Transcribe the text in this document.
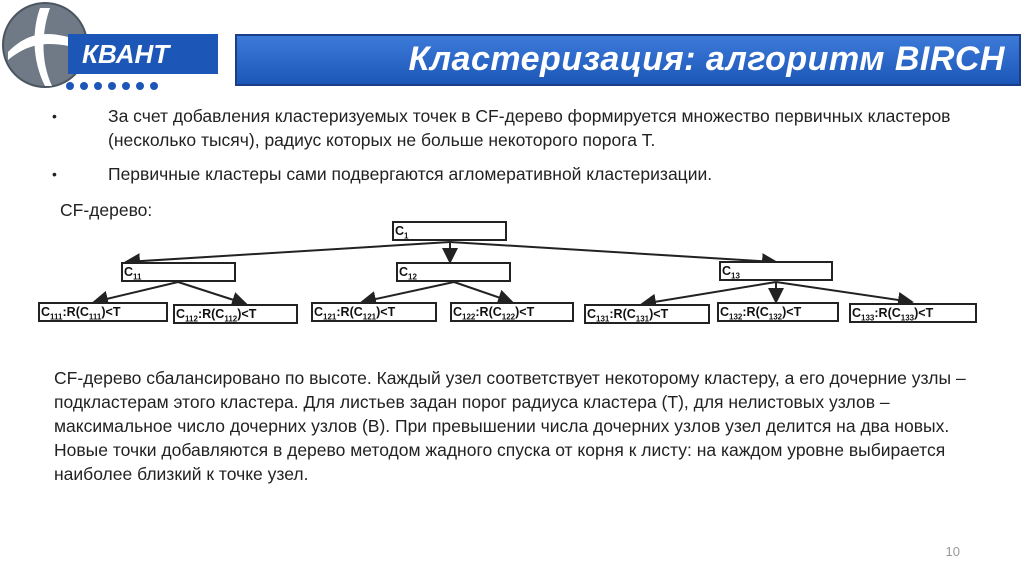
КВАНТ	Кластеризация: алгоритм BIRCH
•	За счет добавления кластеризуемых точек в CF-дерево формируется множество первичных кластеров (несколько тысяч), радиус которых не больше некоторого порога T.
•	Первичные кластеры сами подвергаются агломеративной кластеризации.
CF-дерево:
$C_1$
$C_{11}$	$C_{12}$	$C_{13}$
$C_{111}:R(C_{111})<T$	$C_{112}:R(C_{112})<T$	$C_{121}:R(C_{121})<T$	$C_{122}:R(C_{122})<T$	$C_{131}:R(C_{131})<T$	$C_{132}:R(C_{132})<T$	$C_{133}:R(C_{133})<T$
CF-дерево сбалансировано по высоте. Каждый узел соответствует некоторому кластеру, а его дочерние узлы – подкластерам этого кластера. Для листьев задан порог радиуса кластера (T), для нелистовых узлов – максимальное число дочерних узлов (B). При превышении числа дочерних узлов узел делится на два новых. Новые точки добавляются в дерево методом жадного спуска от корня к листу: на каждом уровне выбирается наиболее близкий к точке узел.
10
